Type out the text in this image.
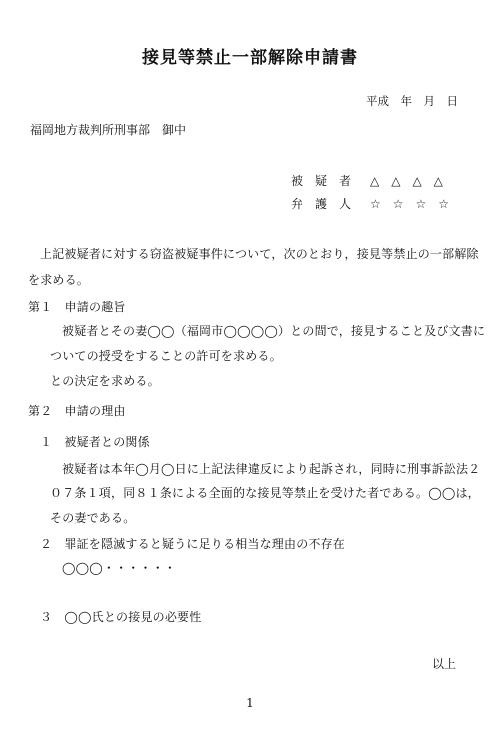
接見等禁止一部解除申請書
平成　年　月　日
福岡地方裁判所刑事部　御中
被　疑　者 △　△　△　△
弁　護　人 ☆　☆　☆　☆
上記被疑者に対する窃盗被疑事件について，次のとおり，接見等禁止の一部解除
を求める。
第１　申請の趣旨
被疑者とその妻◯◯（福岡市◯◯◯◯）との間で，接見すること及び文書に
ついての授受をすることの許可を求める。
との決定を求める。
第２　申請の理由
１　被疑者との関係
被疑者は本年◯月◯日に上記法律違反により起訴され，同時に刑事訴訟法２
０７条１項，同８１条による全面的な接見等禁止を受けた者である。◯◯は，
その妻である。
２　罪証を隠滅すると疑うに足りる相当な理由の不存在
◯◯◯・・・・・・
３　◯◯氏との接見の必要性
以上
1
